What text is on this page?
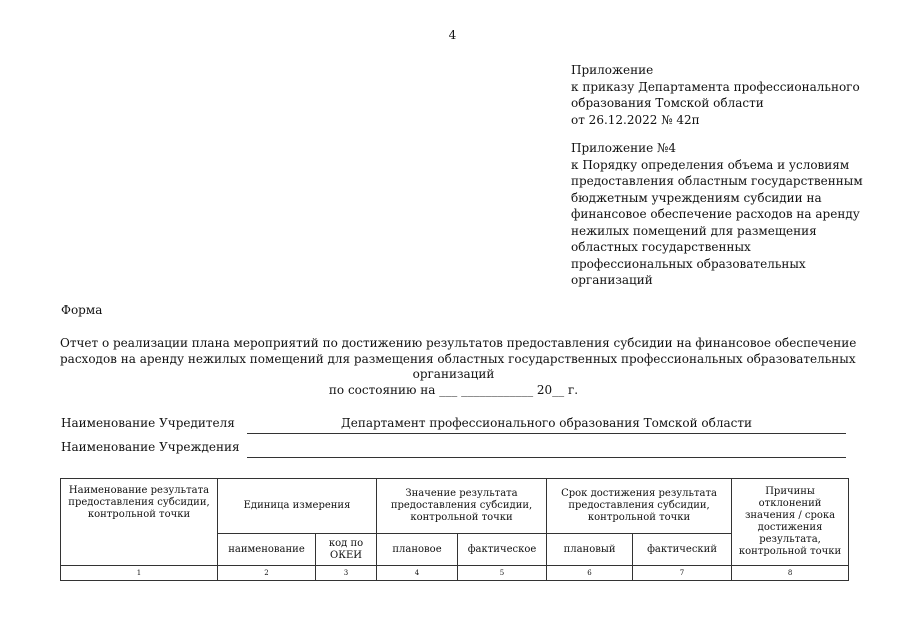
4
Приложение
к приказу Департамента профессионального
образования Томской области
от 26.12.2022 № 42п
Приложение №4
к Порядку определения объема и условиям
предоставления областным государственным
бюджетным учреждениям субсидии на
финансовое обеспечение расходов на аренду
нежилых помещений для размещения
областных государственных
профессиональных образовательных
организаций
Форма
Отчет о реализации плана мероприятий по достижению результатов предоставления субсидии на финансовое обеспечение
расходов на аренду нежилых помещений для размещения областных государственных профессиональных образовательных
организаций
по состоянию на ___ ____________ 20__ г.
Наименование Учредителя	Департамент профессионального образования Томской области
Наименование Учреждения
Наименование результата предоставления субсидии, контрольной точки	Единица измерения		Значение результата предоставления субсидии, контрольной точки		Срок достижения результата предоставления субсидии, контрольной точки		Причины отклонений значения / срока достижения результата, контрольной точки
	наименование	код по ОКЕИ	плановое	фактическое	плановый	фактический	
1	2	3	4	5	6	7	8
